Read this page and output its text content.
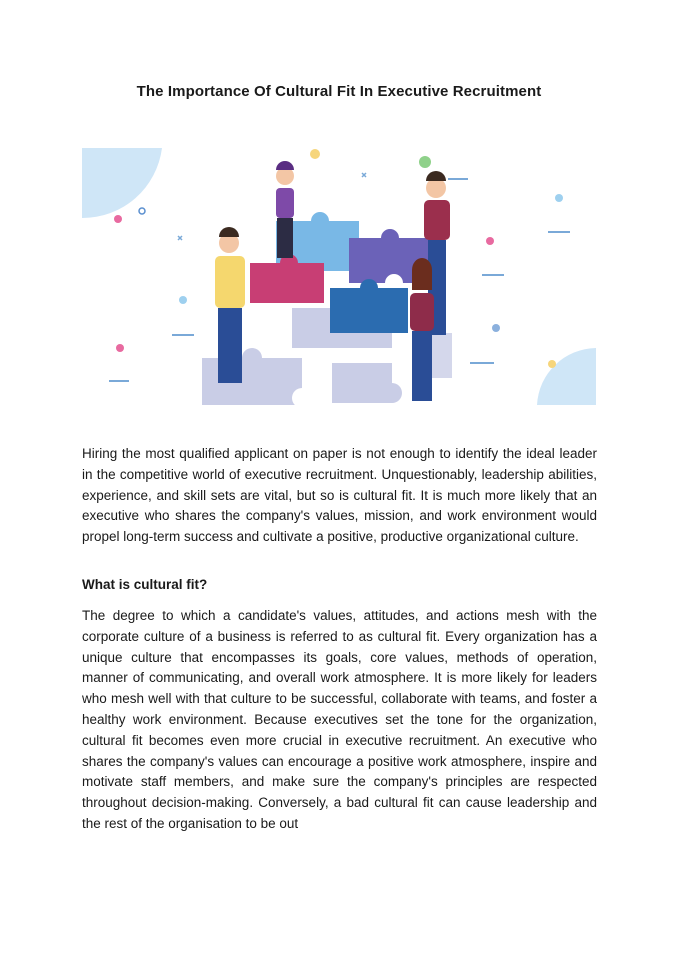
The Importance Of Cultural Fit In Executive Recruitment
Hiring the most qualified applicant on paper is not enough to identify the ideal leader in the competitive world of executive recruitment. Unquestionably, leadership abilities, experience, and skill sets are vital, but so is cultural fit. It is much more likely that an executive who shares the company's values, mission, and work environment would propel long-term success and cultivate a positive, productive organizational culture.
What is cultural fit?
The degree to which a candidate's values, attitudes, and actions mesh with the corporate culture of a business is referred to as cultural fit. Every organization has a unique culture that encompasses its goals, core values, methods of operation, manner of communicating, and overall work atmosphere. It is more likely for leaders who mesh well with that culture to be successful, collaborate with teams, and foster a healthy work environment. Because executives set the tone for the organization, cultural fit becomes even more crucial in executive recruitment. An executive who shares the company's values can encourage a positive work atmosphere, inspire and motivate staff members, and make sure the company's principles are respected throughout decision-making. Conversely, a bad cultural fit can cause leadership and the rest of the organisation to be out
